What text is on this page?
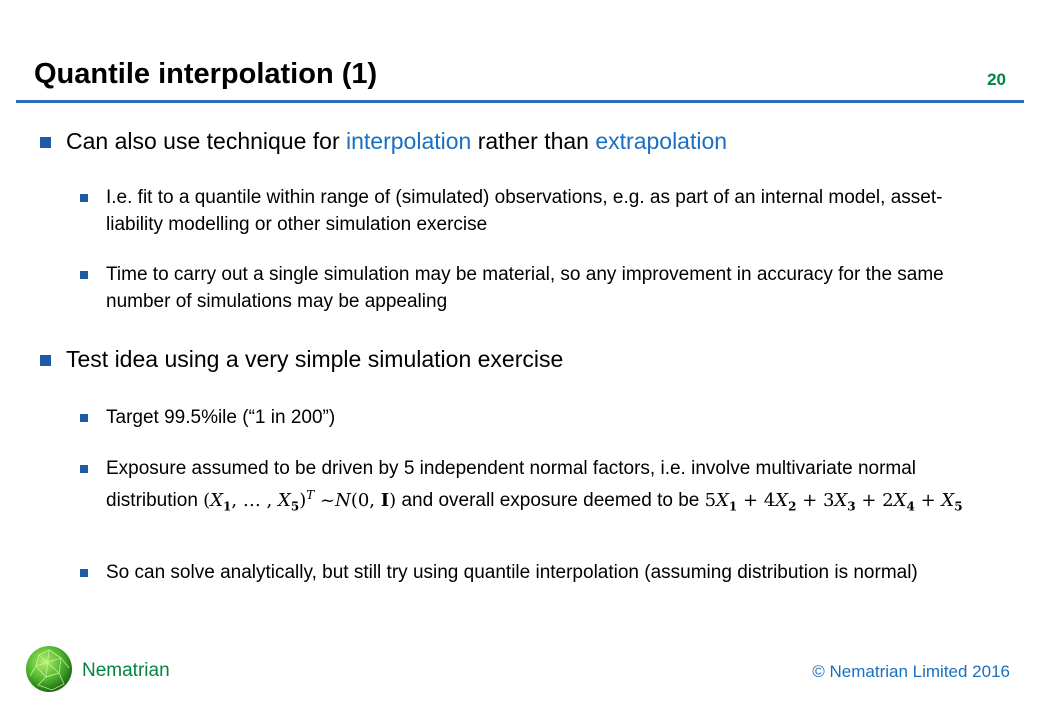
Quantile interpolation (1)	20
Can also use technique for interpolation rather than extrapolation
I.e. fit to a quantile within range of (simulated) observations, e.g. as part of an internal model, asset-liability modelling or other simulation exercise
Time to carry out a single simulation may be material, so any improvement in accuracy for the same number of simulations may be appealing
Test idea using a very simple simulation exercise
Target 99.5%ile (“1 in 200”)
Exposure assumed to be driven by 5 independent normal factors, i.e. involve multivariate normal distribution ($X_1$, … , $X_5)^T$ ~N(0, I) and overall exposure deemed to be $5X_1 + 4X_2 + 3X_3 + 2X_4 + X_5$
So can solve analytically, but still try using quantile interpolation (assuming distribution is normal)
Nematrian	© Nematrian Limited 2016
